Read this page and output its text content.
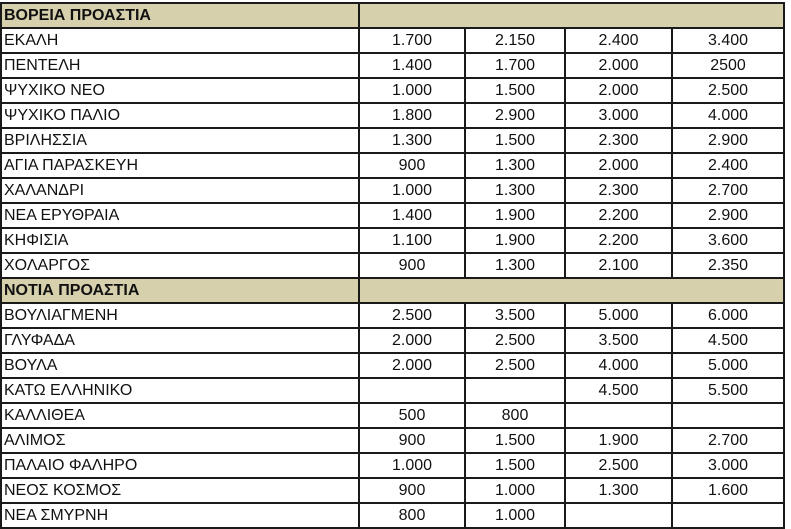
ΒΟΡΕΙΑ ΠΡΟΑΣΤΙΑ				
ΕΚΑΛΗ	1.700	2.150	2.400	3.400
ΠΕΝΤΕΛΗ	1.400	1.700	2.000	2500
ΨΥΧΙΚΟ ΝΕΟ	1.000	1.500	2.000	2.500
ΨΥΧΙΚΟ ΠΑΛΙΟ	1.800	2.900	3.000	4.000
ΒΡΙΛΗΣΣΙΑ	1.300	1.500	2.300	2.900
ΑΓΙΑ ΠΑΡΑΣΚΕΥΗ	900	1.300	2.000	2.400
ΧΑΛΑΝΔΡΙ	1.000	1.300	2.300	2.700
ΝΕΑ ΕΡΥΘΡΑΙΑ	1.400	1.900	2.200	2.900
ΚΗΦΙΣΙΑ	1.100	1.900	2.200	3.600
ΧΟΛΑΡΓΟΣ	900	1.300	2.100	2.350
ΝΟΤΙΑ ΠΡΟΑΣΤΙΑ				
ΒΟΥΛΙΑΓΜΕΝΗ	2.500	3.500	5.000	6.000
ΓΛΥΦΑΔΑ	2.000	2.500	3.500	4.500
ΒΟΥΛΑ	2.000	2.500	4.000	5.000
ΚΑΤΩ ΕΛΛΗΝΙΚΟ			4.500	5.500
ΚΑΛΛΙΘΕΑ	500	800		
ΑΛΙΜΟΣ	900	1.500	1.900	2.700
ΠΑΛΑΙΟ ΦΑΛΗΡΟ	1.000	1.500	2.500	3.000
ΝΕΟΣ ΚΟΣΜΟΣ	900	1.000	1.300	1.600
ΝΕΑ ΣΜΥΡΝΗ	800	1.000		
